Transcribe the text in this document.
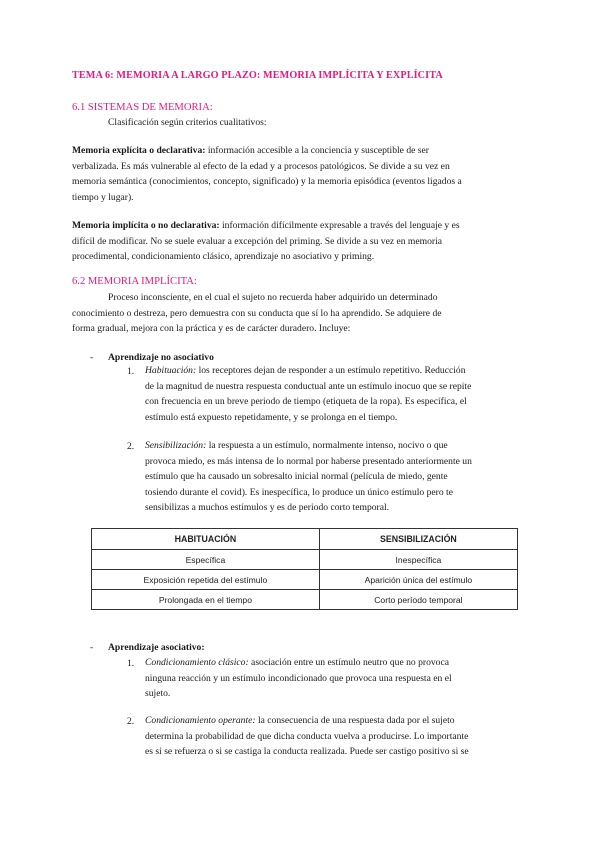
TEMA 6: MEMORIA A LARGO PLAZO: MEMORIA IMPLÍCITA Y EXPLÍCITA
6.1 SISTEMAS DE MEMORIA:
Clasificación según criterios cualitativos:
Memoria explícita o declarativa: información accesible a la conciencia y susceptible de ser
verbalizada. Es más vulnerable al efecto de la edad y a procesos patológicos. Se divide a su vez en
memoria semántica (conocimientos, concepto, significado) y la memoria episódica (eventos ligados a
tiempo y lugar).
Memoria implícita o no declarativa: información difícilmente expresable a través del lenguaje y es
difícil de modificar. No se suele evaluar a excepción del priming. Se divide a su vez en memoria
procedimental, condicionamiento clásico, aprendizaje no asociativo y priming.
6.2 MEMORIA IMPLÍCITA:
Proceso inconsciente, en el cual el sujeto no recuerda haber adquirido un determinado
conocimiento o destreza, pero demuestra con su conducta que sí lo ha aprendido. Se adquiere de
forma gradual, mejora con la práctica y es de carácter duradero. Incluye:
- Aprendizaje no asociativo
1. Habituación: los receptores dejan de responder a un estímulo repetitivo. Reducción
de la magnitud de nuestra respuesta conductual ante un estímulo inocuo que se repite
con frecuencia en un breve periodo de tiempo (etiqueta de la ropa). Es específica, el
estímulo está expuesto repetidamente, y se prolonga en el tiempo.
2. Sensibilización: la respuesta a un estímulo, normalmente intenso, nocivo o que
provoca miedo, es más intensa de lo normal por haberse presentado anteriormente un
estímulo que ha causado un sobresalto inicial normal (película de miedo, gente
tosiendo durante el covid). Es inespecífica, lo produce un único estímulo pero te
sensibilizas a muchos estímulos y es de periodo corto temporal.
HABITUACIÓN	SENSIBILIZACIÓN
Específica	Inespecífica
Exposición repetida del estímulo	Aparición única del estímulo
Prolongada en el tiempo	Corto período temporal
- Aprendizaje asociativo:
1. Condicionamiento clásico: asociación entre un estímulo neutro que no provoca
ninguna reacción y un estímulo incondicionado que provoca una respuesta en el
sujeto.
2. Condicionamiento operante: la consecuencia de una respuesta dada por el sujeto
determina la probabilidad de que dicha conducta vuelva a producirse. Lo importante
es si se refuerza o si se castiga la conducta realizada. Puede ser castigo positivo si se
